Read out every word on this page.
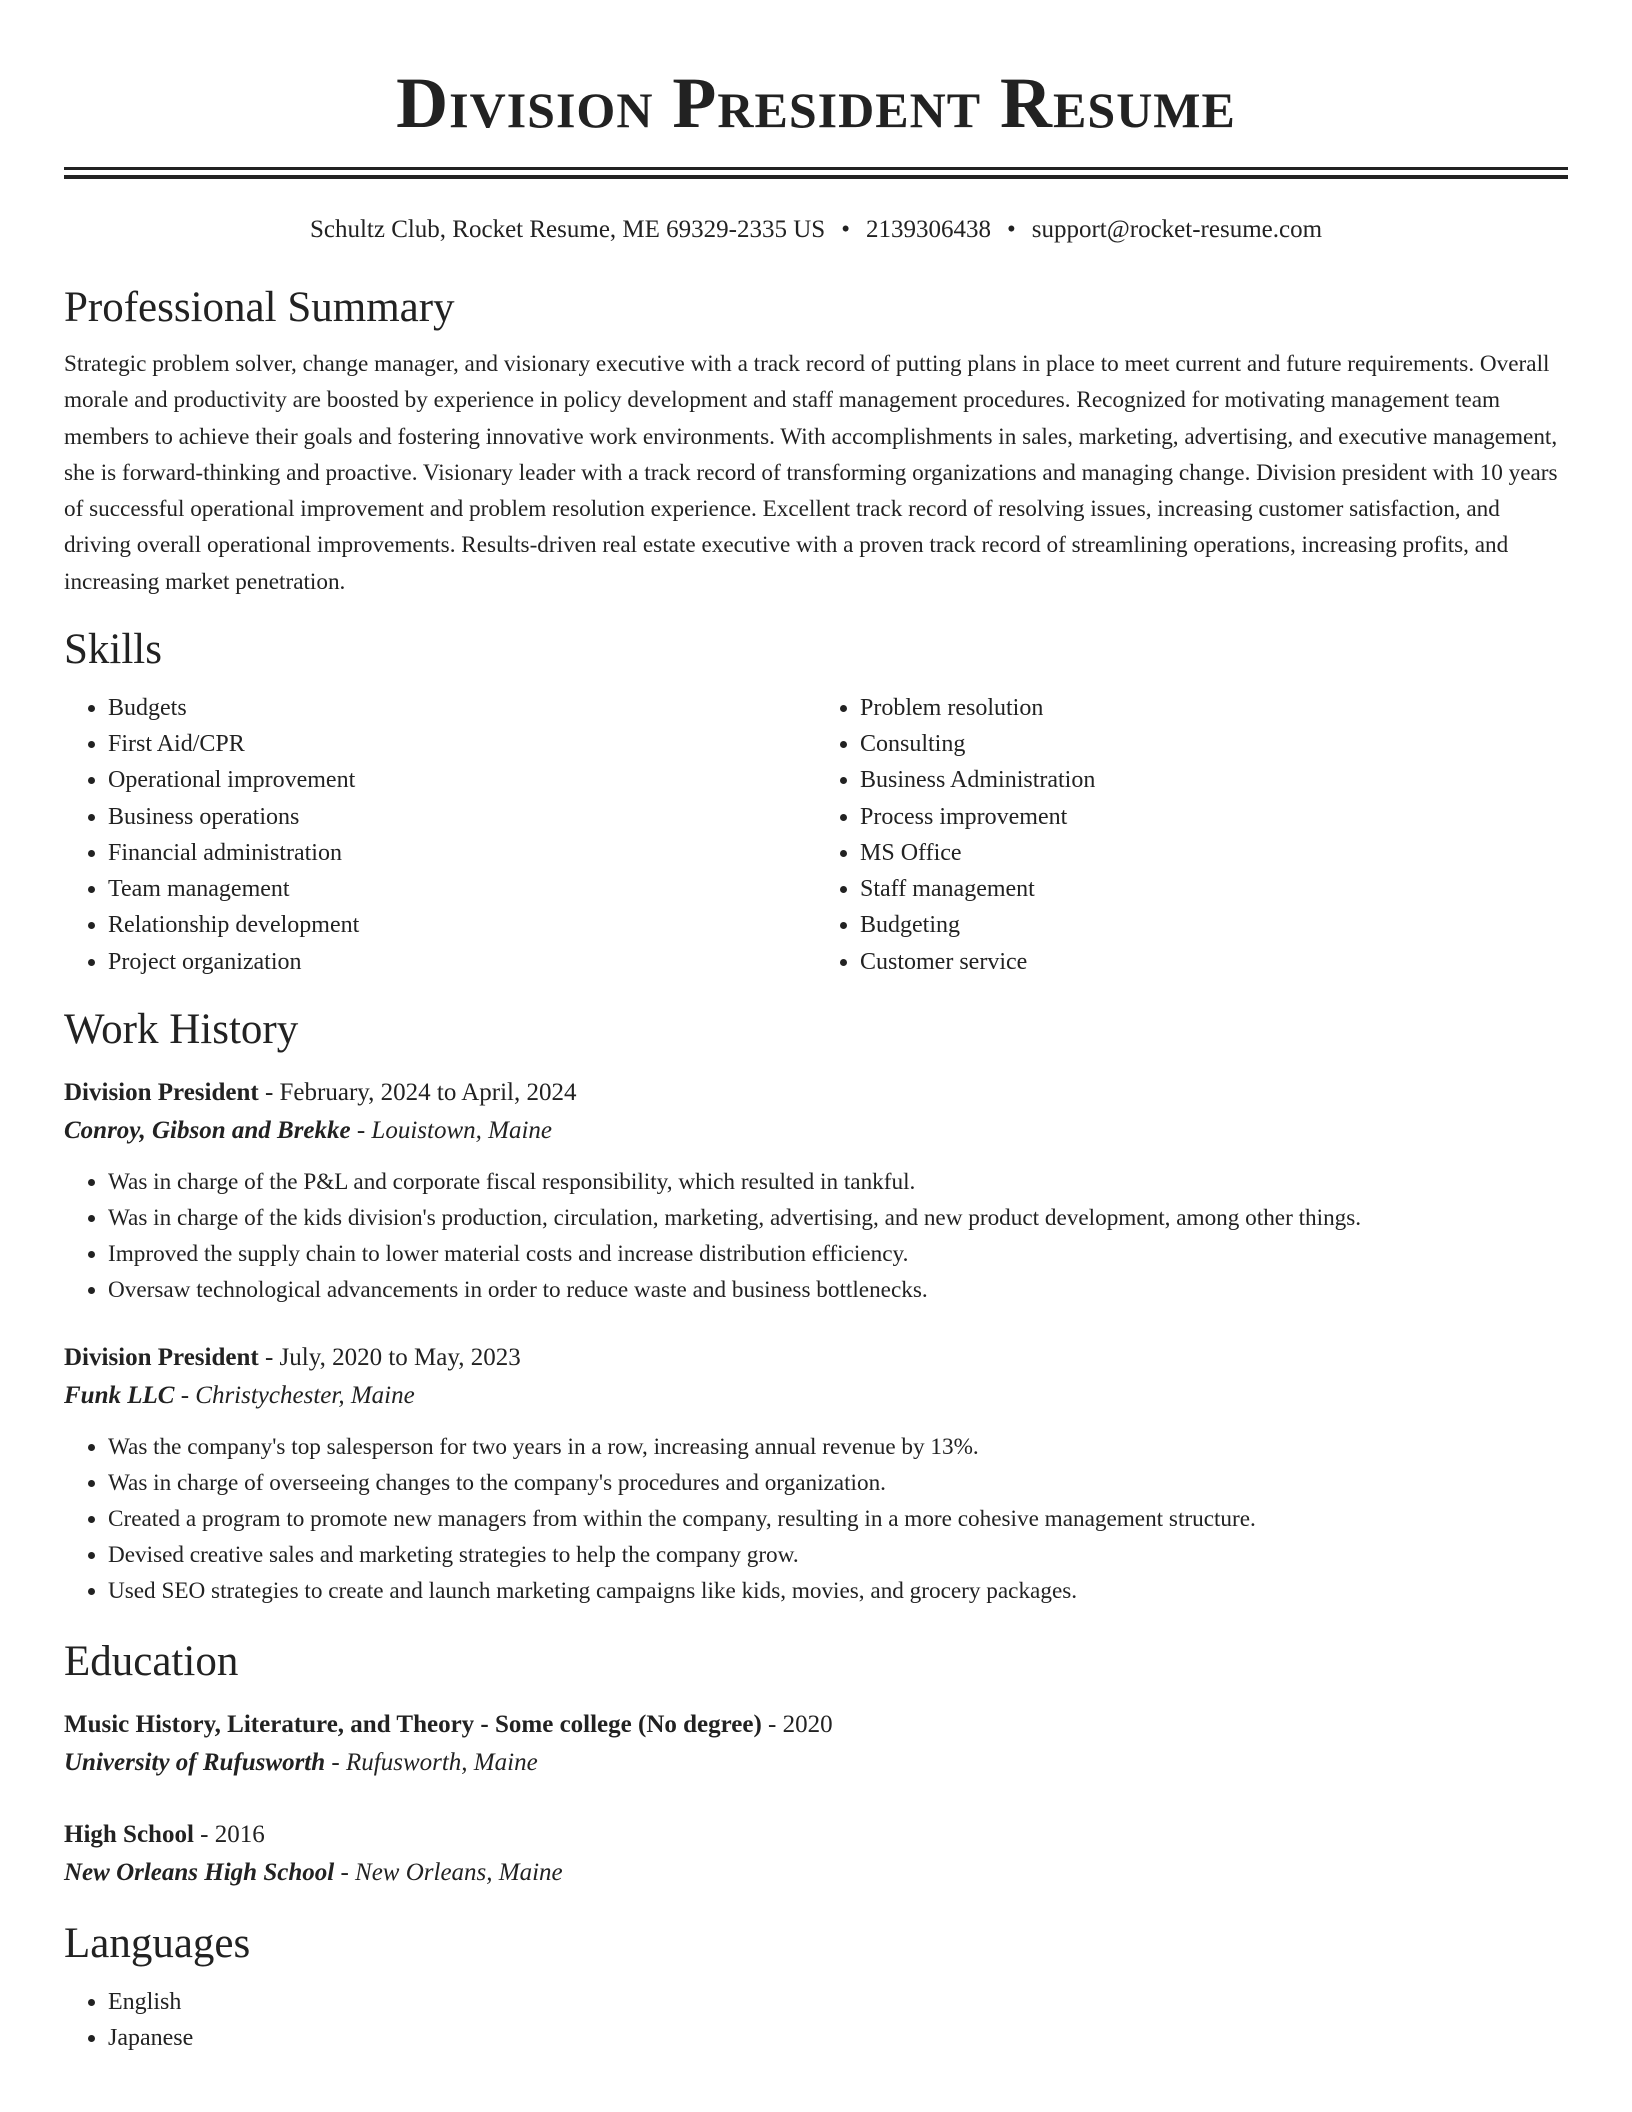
Division President Resume
Schultz Club, Rocket Resume, ME 69329-2335 US • 2139306438 • support@rocket-resume.com
Professional Summary

Strategic problem solver, change manager, and visionary executive with a track record of putting plans in place to meet current and future requirements. Overall morale and productivity are boosted by experience in policy development and staff management procedures. Recognized for motivating management team members to achieve their goals and fostering innovative work environments. With accomplishments in sales, marketing, advertising, and executive management, she is forward-thinking and proactive. Visionary leader with a track record of transforming organizations and managing change. Division president with 10 years of successful operational improvement and problem resolution experience. Excellent track record of resolving issues, increasing customer satisfaction, and driving overall operational improvements. Results-driven real estate executive with a proven track record of streamlining operations, increasing profits, and increasing market penetration.

Skills
• Budgets
• First Aid/CPR
• Operational improvement
• Business operations
• Financial administration
• Team management
• Relationship development
• Project organization
• Problem resolution
• Consulting
• Business Administration
• Process improvement
• MS Office
• Staff management
• Budgeting
• Customer service
Work History
Division President - February, 2024 to April, 2024
Conroy, Gibson and Brekke - Louistown, Maine
• Was in charge of the P&L and corporate fiscal responsibility, which resulted in tankful.
• Was in charge of the kids division's production, circulation, marketing, advertising, and new product development, among other things.
• Improved the supply chain to lower material costs and increase distribution efficiency.
• Oversaw technological advancements in order to reduce waste and business bottlenecks.
Division President - July, 2020 to May, 2023
Funk LLC - Christychester, Maine
• Was the company's top salesperson for two years in a row, increasing annual revenue by 13%.
• Was in charge of overseeing changes to the company's procedures and organization.
• Created a program to promote new managers from within the company, resulting in a more cohesive management structure.
• Devised creative sales and marketing strategies to help the company grow.
• Used SEO strategies to create and launch marketing campaigns like kids, movies, and grocery packages.
Education
Music History, Literature, and Theory - Some college (No degree) - 2020
University of Rufusworth - Rufusworth, Maine
High School - 2016
New Orleans High School - New Orleans, Maine
Languages
• English
• Japanese
